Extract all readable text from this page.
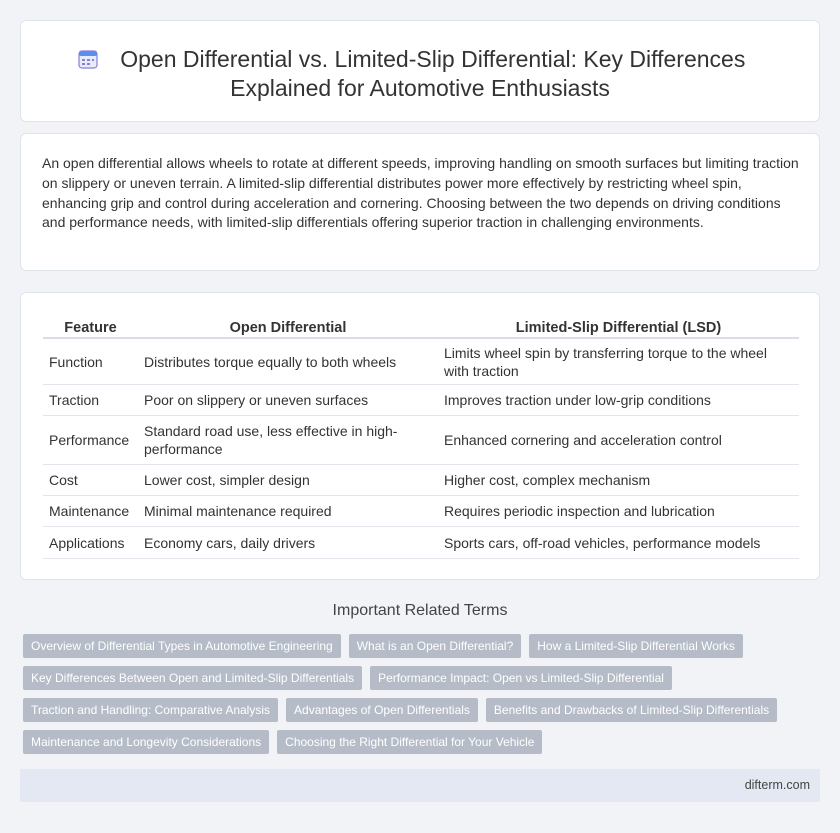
Open Differential vs. Limited-Slip Differential: Key Differences
Explained for Automotive Enthusiasts

An open differential allows wheels to rotate at different speeds, improving handling on smooth surfaces but limiting traction on slippery or uneven terrain. A limited-slip differential distributes power more effectively by restricting wheel spin, enhancing grip and control during acceleration and cornering. Choosing between the two depends on driving conditions and performance needs, with limited-slip differentials offering superior traction in challenging environments.

Feature	Open Differential	Limited-Slip Differential (LSD)
Function	Distributes torque equally to both wheels	Limits wheel spin by transferring torque to the wheel with traction
Traction	Poor on slippery or uneven surfaces	Improves traction under low-grip conditions
Performance	Standard road use, less effective in high-performance	Enhanced cornering and acceleration control
Cost	Lower cost, simpler design	Higher cost, complex mechanism
Maintenance	Minimal maintenance required	Requires periodic inspection and lubrication
Applications	Economy cars, daily drivers	Sports cars, off-road vehicles, performance models
Important Related Terms
Overview of Differential Types in Automotive Engineering	What is an Open Differential?	How a Limited-Slip Differential Works
Key Differences Between Open and Limited-Slip Differentials	Performance Impact: Open vs Limited-Slip Differential
Traction and Handling: Comparative Analysis	Advantages of Open Differentials	Benefits and Drawbacks of Limited-Slip Differentials
Maintenance and Longevity Considerations	Choosing the Right Differential for Your Vehicle
difterm.com
